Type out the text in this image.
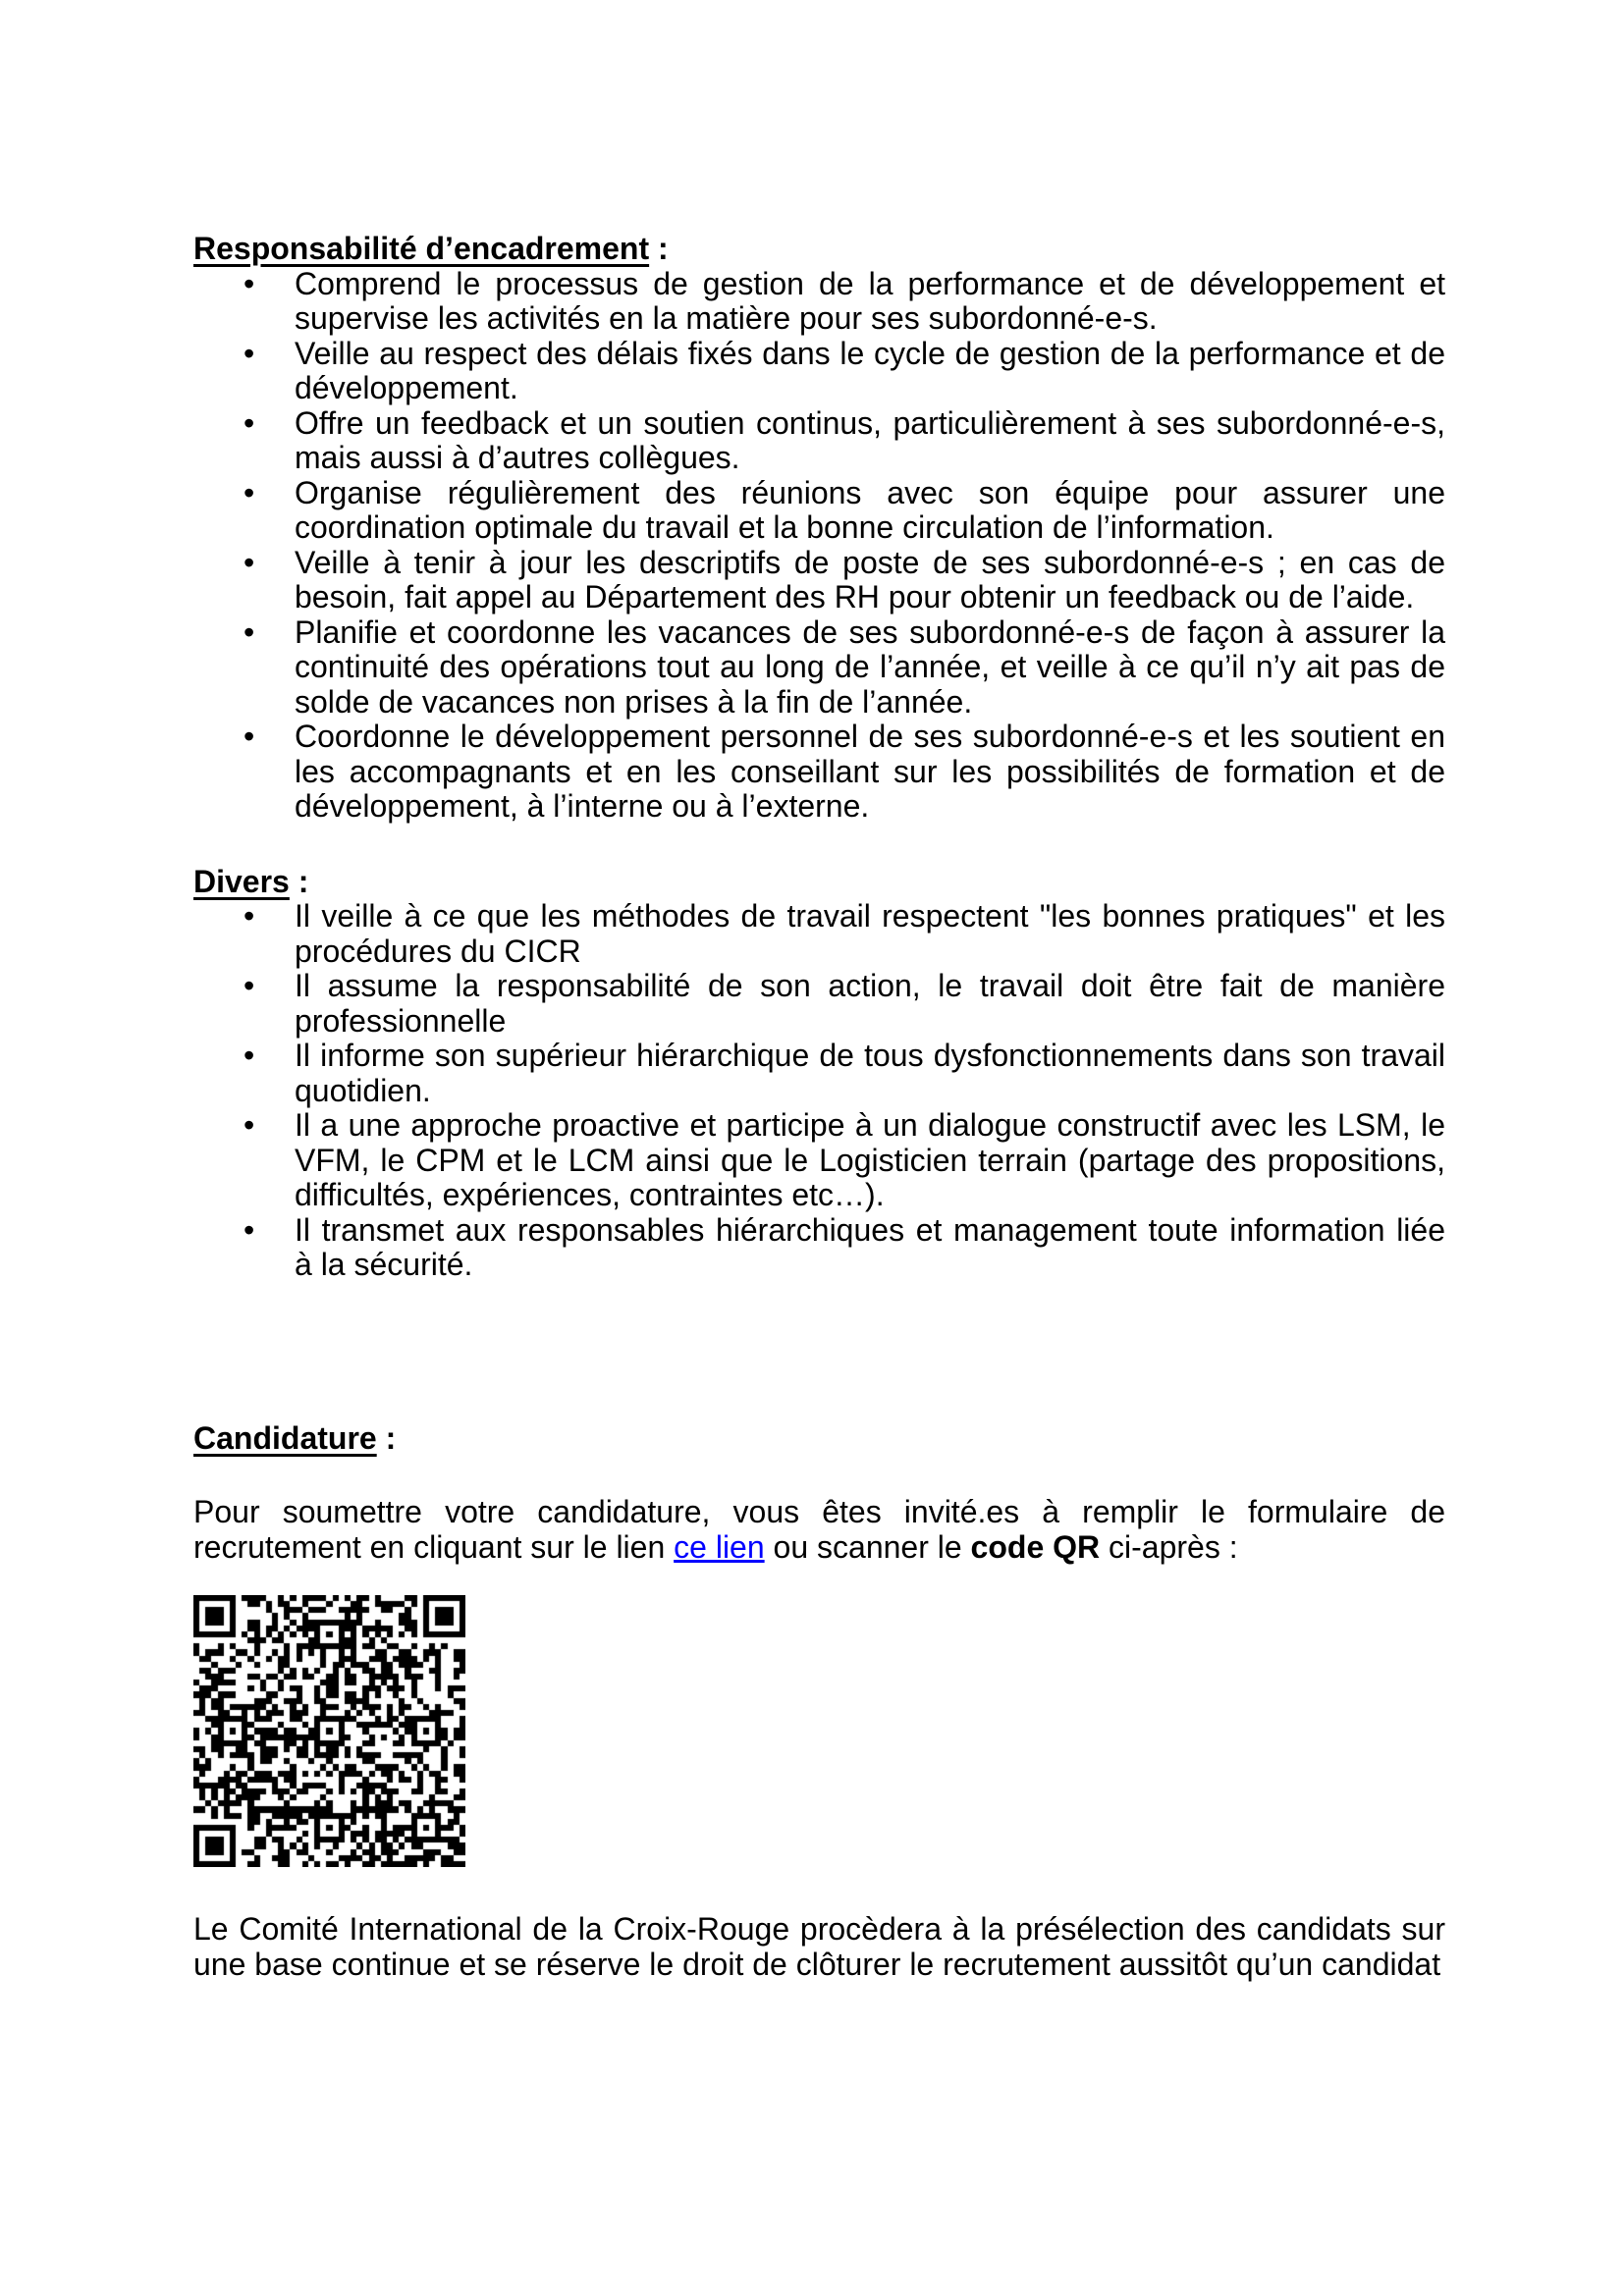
Responsabilité d’encadrement :

• Comprend le processus de gestion de la performance et de développement et supervise les activités en la matière pour ses subordonné-e-s.
• Veille au respect des délais fixés dans le cycle de gestion de la performance et de développement.
• Offre un feedback et un soutien continus, particulièrement à ses subordonné-e-s, mais aussi à d’autres collègues.
• Organise régulièrement des réunions avec son équipe pour assurer une coordination optimale du travail et la bonne circulation de l’information.
• Veille à tenir à jour les descriptifs de poste de ses subordonné-e-s ; en cas de besoin, fait appel au Département des RH pour obtenir un feedback ou de l’aide.
• Planifie et coordonne les vacances de ses subordonné-e-s de façon à assurer la continuité des opérations tout au long de l’année, et veille à ce qu’il n’y ait pas de solde de vacances non prises à la fin de l’année.
• Coordonne le développement personnel de ses subordonné-e-s et les soutient en les accompagnants et en les conseillant sur les possibilités de formation et de développement, à l’interne ou à l’externe.

Divers :

• Il veille à ce que les méthodes de travail respectent "les bonnes pratiques" et les procédures du CICR
• Il assume la responsabilité de son action, le travail doit être fait de manière professionnelle
• Il informe son supérieur hiérarchique de tous dysfonctionnements dans son travail quotidien.
• Il a une approche proactive et participe à un dialogue constructif avec les LSM, le VFM, le CPM et le LCM ainsi que le Logisticien terrain (partage des propositions, difficultés, expériences, contraintes etc…).
• Il transmet aux responsables hiérarchiques et management toute information liée à la sécurité.

Candidature :

Pour soumettre votre candidature, vous êtes invité.es à remplir le formulaire de recrutement en cliquant sur le lien ce lien ou scanner le code QR ci-après :

Le Comité International de la Croix-Rouge procèdera à la présélection des candidats sur une base continue et se réserve le droit de clôturer le recrutement aussitôt qu’un candidat
